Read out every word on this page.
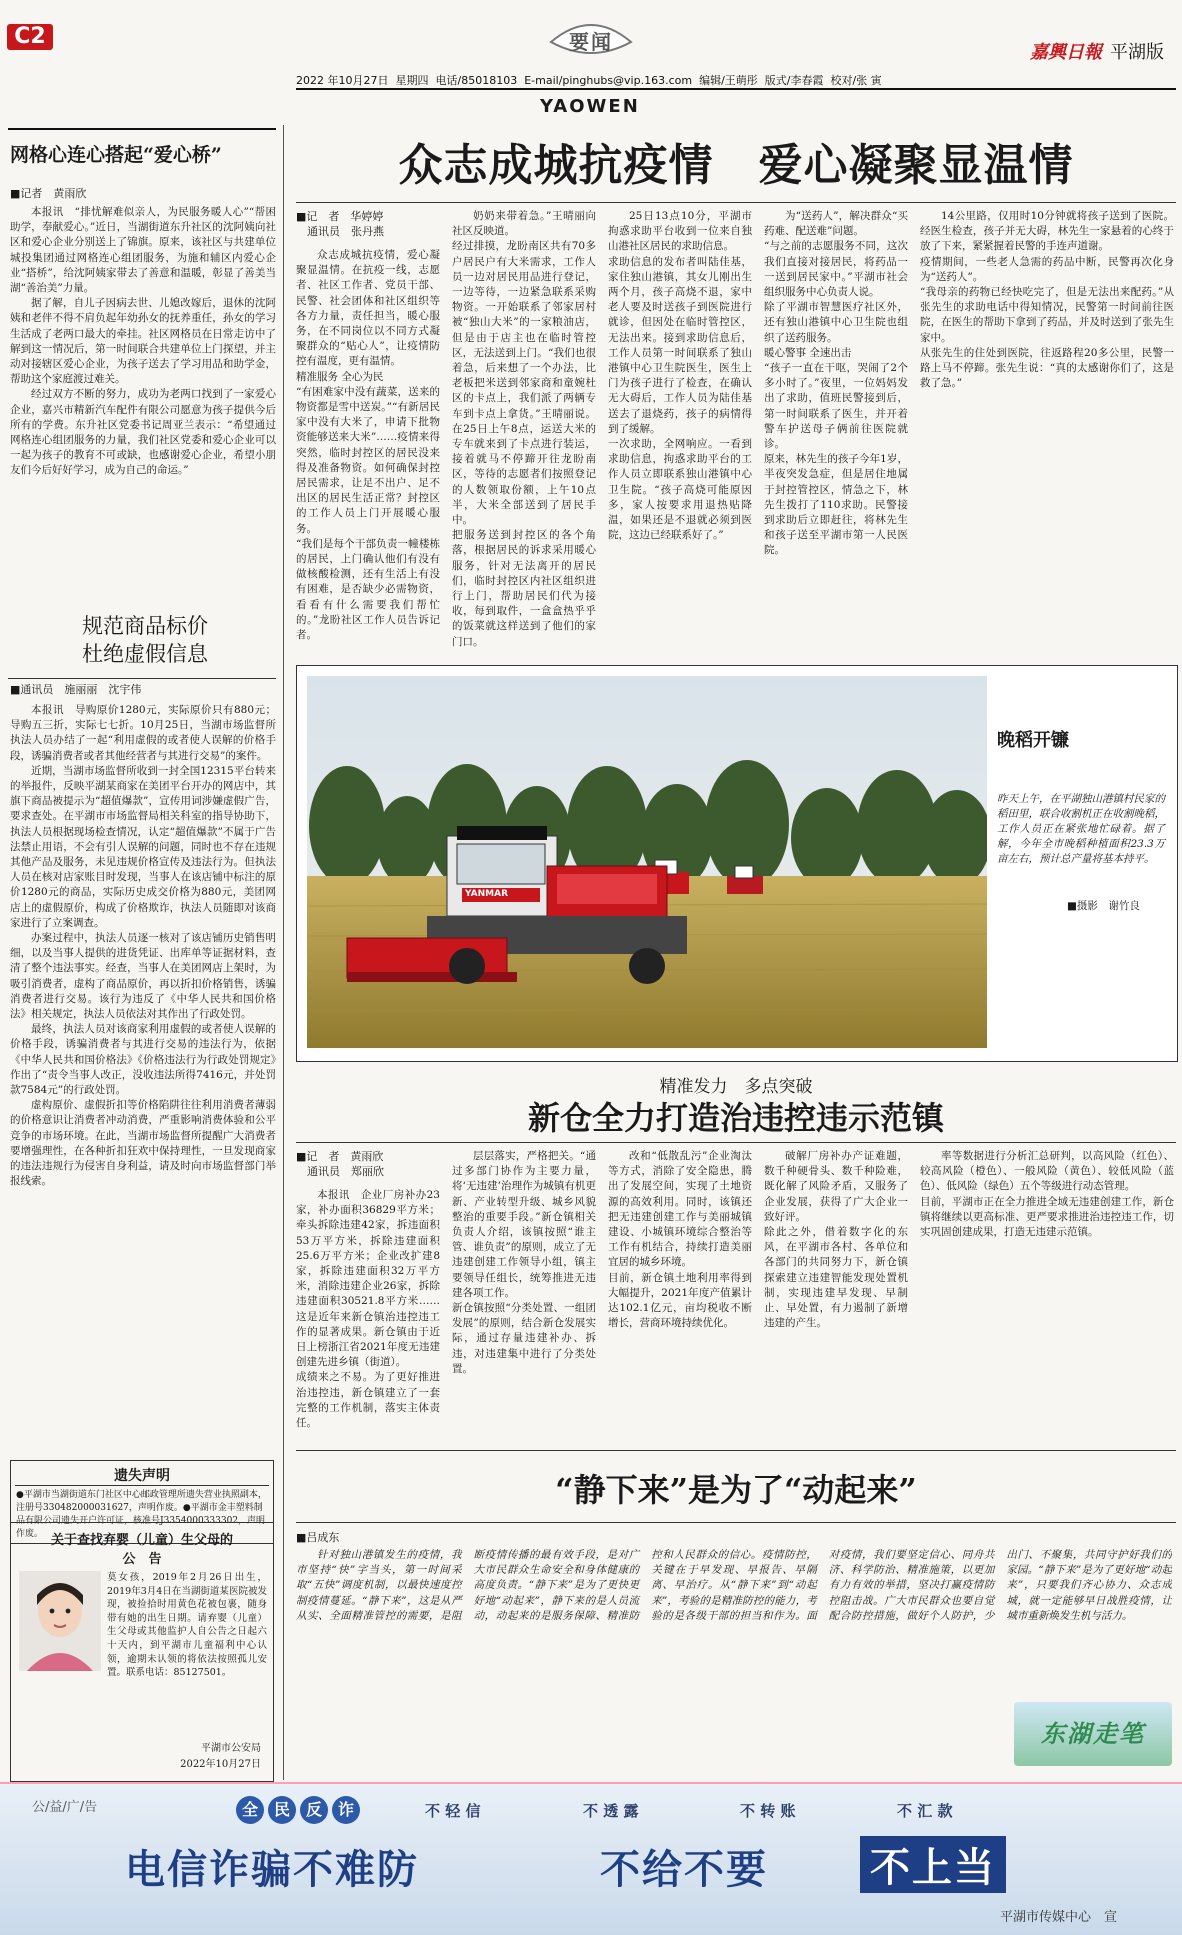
C2	要闻	嘉興日報 平湖版
2022 年10月27日 星期四 电话/85018103 E-mail/pinghubs@vip.163.com 编辑/王萌彤 版式/李春霞 校对/张 寅
YAOWEN
网格心连心搭起“爱心桥”
■记者　黄雨欣

本报讯　“排忧解难似亲人，为民服务暖人心”“帮困助学，奉献爱心。”近日，当湖街道东升社区的沈阿姨向社区和爱心企业分别送上了锦旗。原来，该社区与共建单位城投集团通过网格连心组团服务，为施和辅区内爱心企业“搭桥”，给沈阿姨家带去了善意和温暖，彰显了善美当湖“善治美”力量。

据了解，自儿子因病去世、儿媳改嫁后，退休的沈阿姨和老伴不得不肩负起年幼孙女的抚养重任，孙女的学习生活成了老两口最大的牵挂。社区网格员在日常走访中了解到这一情况后，第一时间联合共建单位上门探望，并主动对接辖区爱心企业，为孩子送去了学习用品和助学金，帮助这个家庭渡过难关。

经过双方不断的努力，成功为老两口找到了一家爱心企业，嘉兴市精新汽车配件有限公司愿意为孩子提供今后所有的学费。东升社区党委书记周亚兰表示：“希望通过网格连心组团服务的力量，我们社区党委和爱心企业可以一起为孩子的教育不可或缺，也感谢爱心企业，希望小朋友们今后好好学习，成为自己的命运。”

规范商品标价
杜绝虚假信息
■通讯员　施丽丽　沈宇伟

本报讯　导购原价1280元，实际原价只有880元；导购五三折，实际七七折。10月25日，当湖市场监督所执法人员办结了一起“利用虚假的或者使人误解的价格手段，诱骗消费者或者其他经营者与其进行交易”的案件。

近期，当湖市场监督所收到一封全国12315平台转来的举报件，反映平湖某商家在美团平台开办的网店中，其旗下商品被提示为“超值爆款”，宣传用词涉嫌虚假广告，要求查处。在平湖市市场监督局相关科室的指导协助下，执法人员根据现场检查情况，认定“超值爆款”不属于广告法禁止用语，不会有引人误解的问题，同时也不存在违规其他产品及服务，未见违规价格宣传及违法行为。但执法人员在核对店家账目时发现，当事人在该店铺中标注的原价1280元的商品，实际历史成交价格为880元，美团网店上的虚假原价，构成了价格欺诈，执法人员随即对该商家进行了立案调查。

办案过程中，执法人员逐一核对了该店铺历史销售明细，以及当事人提供的进货凭证、出库单等证据材料，查清了整个违法事实。经查，当事人在美团网店上架时，为吸引消费者，虚构了商品原价，再以折扣价格销售，诱骗消费者进行交易。该行为违反了《中华人民共和国价格法》相关规定，执法人员依法对其作出了行政处罚。

最终，执法人员对该商家利用虚假的或者使人误解的价格手段，诱骗消费者与其进行交易的违法行为，依据《中华人民共和国价格法》《价格违法行为行政处罚规定》作出了“责令当事人改正，没收违法所得7416元，并处罚款7584元”的行政处罚。

虚构原价、虚假折扣等价格陷阱往往利用消费者薄弱的价格意识让消费者冲动消费，严重影响消费体验和公平竞争的市场环境。在此，当湖市场监督所提醒广大消费者要增强理性，在各种折扣狂欢中保持理性，一旦发现商家的违法违规行为侵害自身利益，请及时向市场监督部门举报线索。

遗失声明
●平湖市当湖街道东门社区中心邮政管理所遗失营业执照副本，注册号330482000031627，声明作废。●平湖市金丰塑料制品有限公司遗失开户许可证，核准号J3354000333302，声明作废。 关于查找弃婴（儿童）生父母的
公　告
莫女孩，2019年2月26日出生，2019年3月4日在当湖街道某医院被发现，被捡拾时用黄色花被包裹，随身带有她的出生日期。请弃婴（儿童）生父母或其他监护人自公告之日起六十天内，到平湖市儿童福利中心认领，逾期未认领的将依法按照孤儿安置。联系电话：85127501。
平湖市公安局
2022年10月27日
众志成城抗疫情　爱心凝聚显温情
■记　者　华婷婷
　通讯员　张丹燕
众志成城抗疫情，爱心凝聚显温情。在抗疫一线，志愿者、社区工作者、党员干部、民警、社会团体和社区组织等各方力量，责任担当，暖心服务，在不同岗位以不同方式凝聚群众的“贴心人”，让疫情防控有温度，更有温情。
精准服务 全心为民
“有困难家中没有蔬菜，送来的物资都是雪中送炭。”“有新居民家中没有大米了，申请下批物资能够送来大米”……疫情来得突然，临时封控区的居民没来得及准备物资。如何确保封控居民需求，让足不出户、足不出区的居民生活正常？封控区的工作人员上门开展暖心服务。
“我们是每个干部负责一幢楼栋的居民，上门确认他们有没有做核酸检测，还有生活上有没有困难，是否缺少必需物资，看看有什么需要我们帮忙的。”龙盼社区工作人员告诉记者。
奶奶来带着急。”王晴丽向社区反映道。
经过排摸，龙盼南区共有70多户居民户有大米需求，工作人员一边对居民用品进行登记，一边等待，一边紧急联系采购物资。一开始联系了邻家居村被“独山大米”的一家粮油店，但是由于店主也在临时管控区，无法送到上门。“我们也很着急，后来想了一个办法，比老板把米送到邻家商和童婉杜区的卡点上，我们派了两辆专车到卡点上拿货。”王晴丽说。在25日上午8点，运送大米的专车就来到了卡点进行装运，接着就马不停蹄开往龙盼南区，等待的志愿者们按照登记的人数领取份额，上午10点半，大米全部送到了居民手中。
把服务送到封控区的各个角落，根据居民的诉求采用暖心服务，针对无法离开的居民们，临时封控区内社区组织进行上门，帮助居民们代为接收，每到取件，一盒盒热乎乎的饭菜就这样送到了他们的家门口。
25日13点10分，平湖市拘惑求助平台收到一位来自独山港社区居民的求助信息。
求助信息的发布者叫陆佳基，家住独山港镇，其女儿刚出生两个月，孩子高烧不退，家中老人要及时送孩子到医院进行就诊，但因处在临时管控区，无法出来。接到求助信息后，工作人员第一时间联系了独山港镇中心卫生院医生，医生上门为孩子进行了检查，在确认无大碍后，工作人员为陆佳基送去了退烧药，孩子的病情得到了缓解。
一次求助，全网响应。一看到求助信息，拘惑求助平台的工作人员立即联系独山港镇中心卫生院。“孩子高烧可能原因多，家人按要求用退热贴降温，如果还是不退就必须到医院，这边已经联系好了。”
为“送药人”，解决群众“买药难、配送难”问题。
“与之前的志愿服务不同，这次我们直接对接居民，将药品一一送到居民家中。”平湖市社会组织服务中心负责人说。
除了平湖市智慧医疗社区外，还有独山港镇中心卫生院也组织了送药服务。
暖心警事 全速出击
“孩子一直在干呕，哭闹了2个多小时了。”夜里，一位妈妈发出了求助，值班民警接到后，第一时间联系了医生，并开着警车护送母子俩前往医院就诊。
原来，林先生的孩子今年1岁，半夜突发急症，但是居住地属于封控管控区，情急之下，林先生拨打了110求助。民警接到求助后立即赶往，将林先生和孩子送至平湖市第一人民医院。
14公里路，仅用时10分钟就将孩子送到了医院。经医生检查，孩子并无大碍，林先生一家悬着的心终于放了下来，紧紧握着民警的手连声道谢。
疫情期间，一些老人急需的药品中断，民警再次化身为“送药人”。
“我母亲的药物已经快吃完了，但是无法出来配药。”从张先生的求助电话中得知情况，民警第一时间前往医院，在医生的帮助下拿到了药品，并及时送到了张先生家中。
从张先生的住处到医院，往返路程20多公里，民警一路上马不停蹄。张先生说：“真的太感谢你们了，这是救了急。”
YANMAR
晚稻开镰
昨天上午，在平湖独山港镇村民家的稻田里，联合收割机正在收割晚稻，工作人员正在紧张地忙碌着。据了解，今年全市晚稻种植面积23.3万亩左右，预计总产量将基本持平。
■摄影　谢竹良
精准发力　多点突破
新仓全力打造治违控违示范镇
■记　者　黄雨欣
　通讯员　郑丽欣
本报讯　企业厂房补办23家，补办面积36829平方米；牵头拆除违建42家，拆违面积53万平方米，拆除违建面积25.6万平方米；企业改扩建8家，拆除违建面积32万平方米，消除违建企业26家，拆除违建面积30521.8平方米……这是近年来新仓镇治违控违工作的显著成果。新仓镇由于近日上榜浙江省2021年度无违建创建先进乡镇（街道）。
成绩来之不易。为了更好推进治违控违，新仓镇建立了一套完整的工作机制，落实主体责任。
层层落实，严格把关。“通过多部门协作为主要力量，将‘无违建’治理作为城镇有机更新、产业转型升级、城乡风貌整治的重要手段。”新仓镇相关负责人介绍，该镇按照“谁主管、谁负责”的原则，成立了无违建创建工作领导小组，镇主要领导任组长，统筹推进无违建各项工作。
新仓镇按照“分类处置、一组团发展”的原则，结合新仓发展实际，通过存量违建补办、拆违，对违建集中进行了分类处置。
改和“低散乱污”企业淘汰等方式，消除了安全隐患，腾出了发展空间，实现了土地资源的高效利用。同时，该镇还把无违建创建工作与美丽城镇建设、小城镇环境综合整治等工作有机结合，持续打造美丽宜居的城乡环境。
目前，新仓镇土地利用率得到大幅提升，2021年度产值累计达102.1亿元，亩均税收不断增长，营商环境持续优化。
破解厂房补办产证难题，数千种硬骨头、数千种险难，既化解了风险矛盾，又服务了企业发展，获得了广大企业一致好评。
除此之外，借着数字化的东风，在平湖市各村、各单位和各部门的共同努力下，新仓镇探索建立违建智能发现处置机制，实现违建早发现、早制止、早处置，有力遏制了新增违建的产生。
率等数据进行分析汇总研判，以高风险（红色）、较高风险（橙色）、一般风险（黄色）、较低风险（蓝色）、低风险（绿色）五个等级进行动态管理。
目前，平湖市正在全力推进全域无违建创建工作，新仓镇将继续以更高标准、更严要求推进治违控违工作，切实巩固创建成果，打造无违建示范镇。
“静下来”是为了“动起来”
■吕成东
针对独山港镇发生的疫情，我市坚持“快”字当头，第一时间采取“五快”调度机制，以最快速度控制疫情蔓延。“静下来”，这是从严从实、全面精准管控的需要，是阻断疫情传播的最有效手段，是对广大市民群众生命安全和身体健康的高度负责。“静下来”是为了更快更好地“动起来”，静下来的是人员流动，动起来的是服务保障、精准防控和人民群众的信心。疫情防控，关键在于早发现、早报告、早隔离、早治疗。从“静下来”到“动起来”，考验的是精准防控的能力，考验的是各级干部的担当和作为。面对疫情，我们要坚定信心、同舟共济、科学防治、精准施策，以更加有力有效的举措，坚决打赢疫情防控阻击战。广大市民群众也要自觉配合防控措施，做好个人防护，少出门、不聚集，共同守护好我们的家园。“静下来”是为了更好地“动起来”，只要我们齐心协力、众志成城，就一定能够早日战胜疫情，让城市重新焕发生机与活力。
东湖走笔
公/益/广/告	全 民 反 诈	不 轻 信	不 透 露	不 转 账	不 汇 款
电信诈骗不难防	不给不要	不上当
平湖市传媒中心　宣
